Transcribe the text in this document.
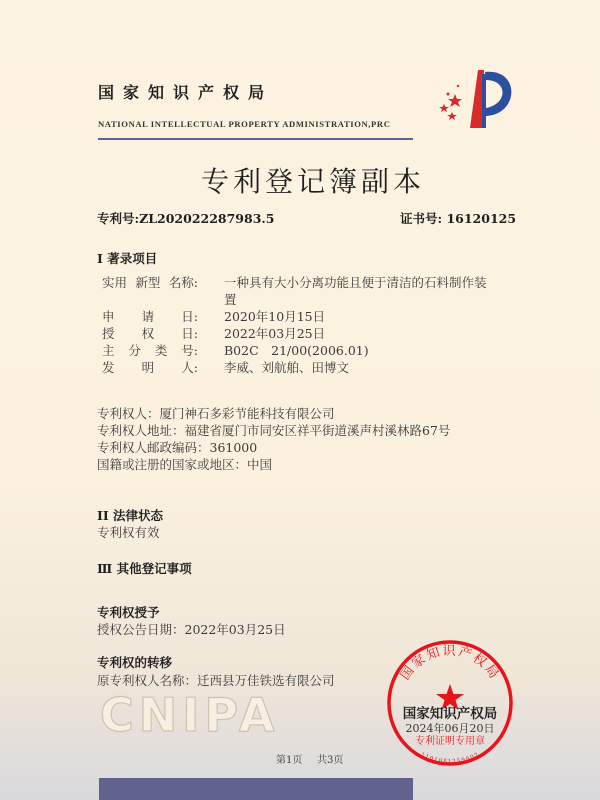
国家知识产权局
NATIONAL INTELLECTUAL PROPERTY ADMINISTRATION,PRC
专利登记簿副本
专利号:ZL202022287983.5	证书号: 16120125
I 著录项目
实用 新型 名称: 一种具有大小分离功能且便于清洁的石料制作装
置
申 请 日: 2020年10月15日
授 权 日: 2022年03月25日
主 分 类 号: B02C　21/00(2006.01)
发 明 人: 李威、刘航舶、田博文
专利权人：厦门神石多彩节能科技有限公司
专利权人地址：福建省厦门市同安区祥平街道溪声村溪林路67号
专利权人邮政编码：361000
国籍或注册的国家或地区：中国
II 法律状态
专利权有效
Ⅲ 其他登记事项
专利权授予
授权公告日期：2022年03月25日
专利权的转移
原专利权人名称：迁西县万佳铁选有限公司
CNIPA
国家知识产权局
国家知识产权局
2024年06月20日
专利证明专用章
1101081359807
第1页 共3页
